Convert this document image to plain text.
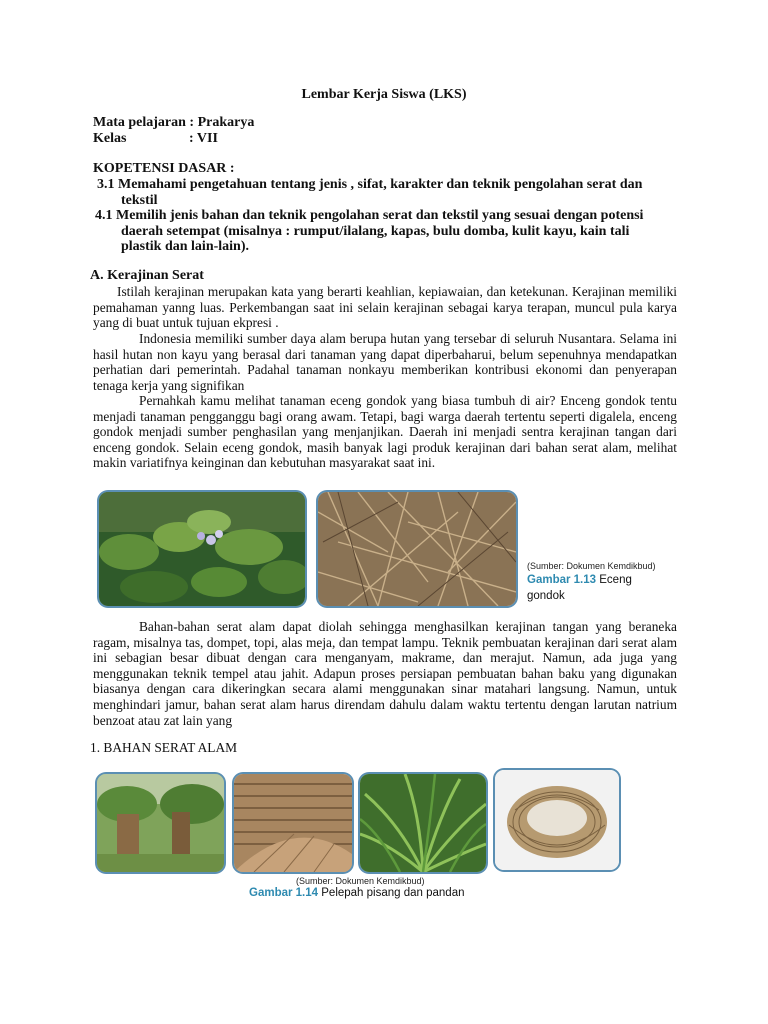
Lembar Kerja Siswa (LKS)
Mata pelajaran : Prakarya
Kelas	: VII
KOPETENSI DASAR :
3.1 Memahami pengetahuan tentang jenis , sifat, karakter dan teknik pengolahan serat dan
tekstil
4.1 Memilih jenis bahan dan teknik pengolahan serat dan tekstil yang sesuai dengan potensi
daerah setempat (misalnya : rumput/ilalang, kapas, bulu domba, kulit kayu, kain tali
plastik dan lain-lain).
A. Kerajinan Serat
Istilah kerajinan merupakan kata yang berarti keahlian, kepiawaian, dan ketekunan. Kerajinan memiliki pemahaman yanng luas. Perkembangan saat ini selain kerajinan sebagai karya terapan, muncul pula karya yang di buat untuk tujuan ekpresi .
Indonesia memiliki sumber daya alam berupa hutan yang tersebar di seluruh Nusantara. Selama ini hasil hutan non kayu yang berasal dari tanaman yang dapat diperbaharui, belum sepenuhnya mendapatkan perhatian dari pemerintah. Padahal tanaman nonkayu memberikan kontribusi ekonomi dan penyerapan tenaga kerja yang signifikan
Pernahkah kamu melihat tanaman eceng gondok yang biasa tumbuh di air? Enceng gondok tentu menjadi tanaman pengganggu bagi orang awam. Tetapi, bagi warga daerah tertentu seperti digalela, enceng gondok menjadi sumber penghasilan yang menjanjikan. Daerah ini menjadi sentra kerajinan tangan dari enceng gondok. Selain eceng gondok, masih banyak lagi produk kerajinan dari bahan serat alam, melihat makin variatifnya keinginan dan kebutuhan masyarakat saat ini.
(Sumber: Dokumen Kemdikbud)
Gambar 1.13 Eceng
gondok
Bahan-bahan serat alam dapat diolah sehingga menghasilkan kerajinan tangan yang beraneka ragam, misalnya tas, dompet, topi, alas meja, dan tempat lampu. Teknik pembuatan kerajinan dari serat alam ini sebagian besar dibuat dengan cara menganyam, makrame, dan merajut. Namun, ada juga yang menggunakan teknik tempel atau jahit. Adapun proses persiapan pembuatan bahan baku yang digunakan biasanya dengan cara dikeringkan secara alami menggunakan sinar matahari langsung. Namun, untuk menghindari jamur, bahan serat alam harus direndam dahulu dalam waktu tertentu dengan larutan natrium benzoat atau zat lain yang
1. BAHAN SERAT ALAM
(Sumber: Dokumen Kemdikbud)
Gambar 1.14 Pelepah pisang dan pandan
